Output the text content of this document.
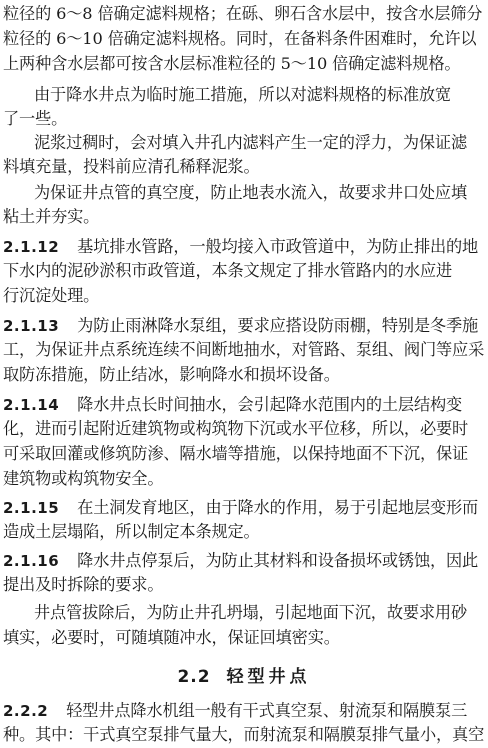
粒径的 6～8 倍确定滤料规格；在砾、卵石含水层中，按含水层筛分
粒径的 6～10 倍确定滤料规格。同时，在备料条件困难时，允许以
上两种含水层都可按含水层标准粒径的 5～10 倍确定滤料规格。
由于降水井点为临时施工措施，所以对滤料规格的标准放宽
了一些。
泥浆过稠时，会对填入井孔内滤料产生一定的浮力，为保证滤
料填充量，投料前应清孔稀释泥浆。
为保证井点管的真空度，防止地表水流入，故要求井口处应填
粘土并夯实。
2.1.12 基坑排水管路，一般均接入市政管道中，为防止排出的地
下水内的泥砂淤积市政管道，本条文规定了排水管路内的水应进
行沉淀处理。
2.1.13 为防止雨淋降水泵组，要求应搭设防雨棚，特别是冬季施
工，为保证井点系统连续不间断地抽水，对管路、泵组、阀门等应采
取防冻措施，防止结冰，影响降水和损坏设备。
2.1.14 降水井点长时间抽水，会引起降水范围内的土层结构变
化，进而引起附近建筑物或构筑物下沉或水平位移，所以，必要时
可采取回灌或修筑防渗、隔水墙等措施，以保持地面不下沉，保证
建筑物或构筑物安全。
2.1.15 在土洞发育地区，由于降水的作用，易于引起地层变形而
造成土层塌陷，所以制定本条规定。
2.1.16 降水井点停泵后，为防止其材料和设备损坏或锈蚀，因此
提出及时拆除的要求。
井点管拔除后，为防止井孔坍塌，引起地面下沉，故要求用砂
填实，必要时，可随填随冲水，保证回填密实。
2.2 轻型井点
2.2.2 轻型井点降水机组一般有干式真空泵、射流泵和隔膜泵三
种。其中：干式真空泵排气量大，而射流泵和隔膜泵排气量小，真空
